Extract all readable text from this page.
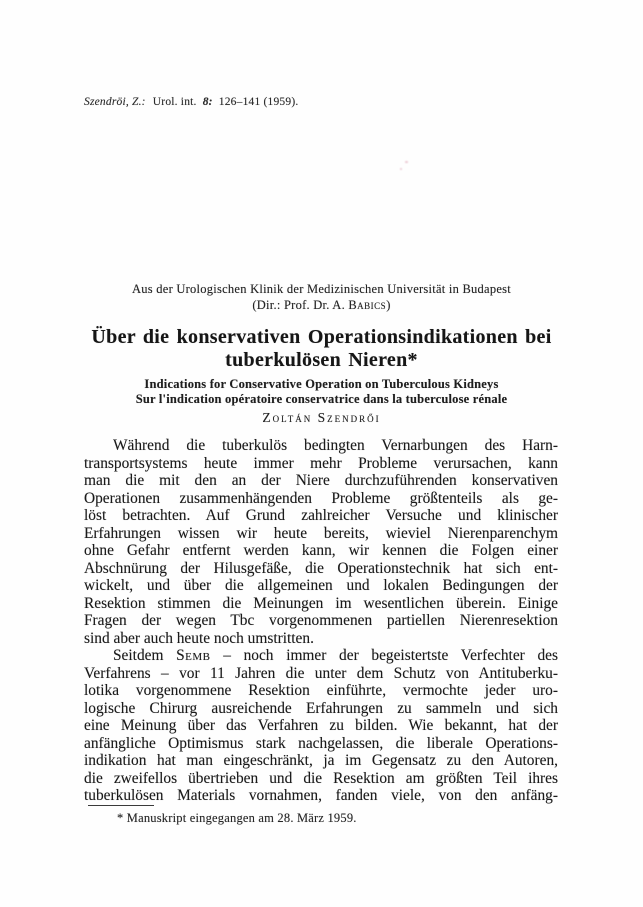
Szendröi, Z.: Urol. int. 8: 126–141 (1959).
Aus der Urologischen Klinik der Medizinischen Universität in Budapest
(Dir.: Prof. Dr. A. Babics)
Über die konservativen Operationsindikationen bei
tuberkulösen Nieren*
Indications for Conservative Operation on Tuberculous Kidneys
Sur l'indication opératoire conservatrice dans la tuberculose rénale
Zoltán Szendrői
Während die tuberkulös bedingten Vernarbungen des Harn-
transportsystems heute immer mehr Probleme verursachen, kann
man die mit den an der Niere durchzuführenden konservativen
Operationen zusammenhängenden Probleme größtenteils als ge-
löst betrachten. Auf Grund zahlreicher Versuche und klinischer
Erfahrungen wissen wir heute bereits, wieviel Nierenparenchym
ohne Gefahr entfernt werden kann, wir kennen die Folgen einer
Abschnürung der Hilusgefäße, die Operationstechnik hat sich ent-
wickelt, und über die allgemeinen und lokalen Bedingungen der
Resektion stimmen die Meinungen im wesentlichen überein. Einige
Fragen der wegen Tbc vorgenommenen partiellen Nierenresektion
sind aber auch heute noch umstritten.
Seitdem Semb – noch immer der begeistertste Verfechter des
Verfahrens – vor 11 Jahren die unter dem Schutz von Antituberku-
lotika vorgenommene Resektion einführte, vermochte jeder uro-
logische Chirurg ausreichende Erfahrungen zu sammeln und sich
eine Meinung über das Verfahren zu bilden. Wie bekannt, hat der
anfängliche Optimismus stark nachgelassen, die liberale Operations-
indikation hat man eingeschränkt, ja im Gegensatz zu den Autoren,
die zweifellos übertrieben und die Resektion am größten Teil ihres
tuberkulösen Materials vornahmen, fanden viele, von den anfäng-
* Manuskript eingegangen am 28. März 1959.
